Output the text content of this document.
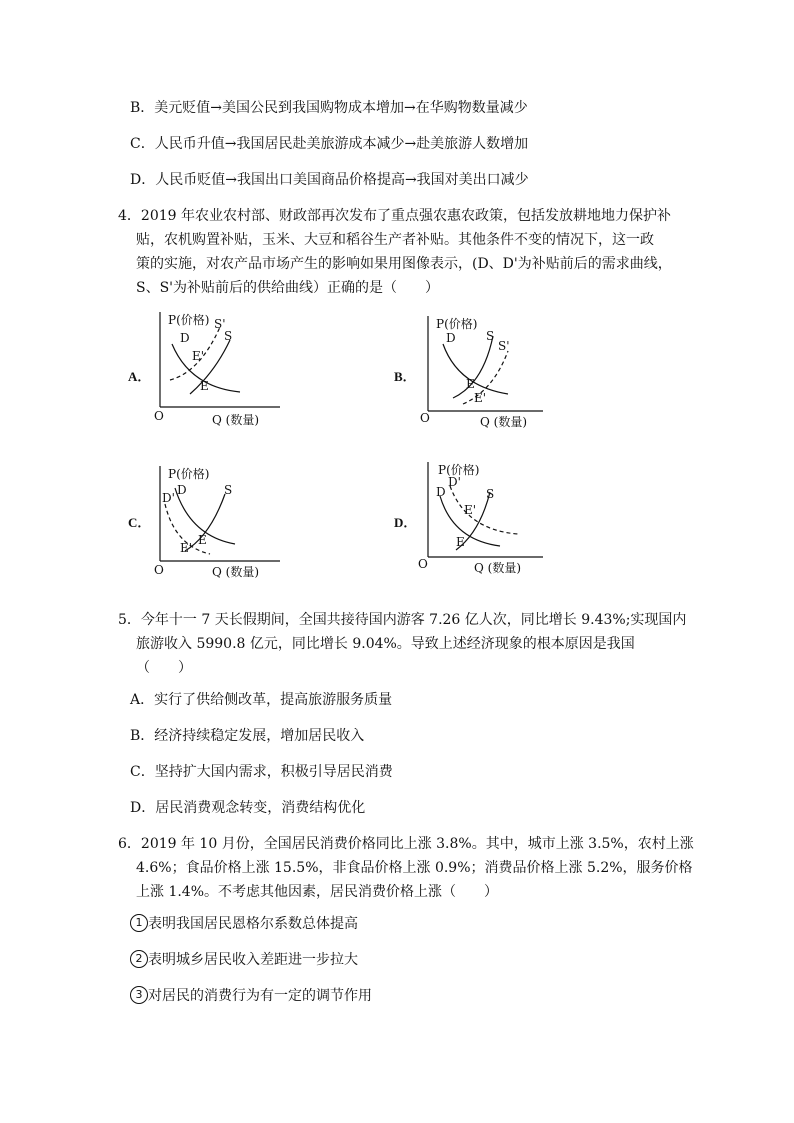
B．美元贬值→美国公民到我国购物成本增加→在华购物数量减少
C．人民币升值→我国居民赴美旅游成本减少→赴美旅游人数增加
D．人民币贬值→我国出口美国商品价格提高→我国对美出口减少
4．2019 年农业农村部、财政部再次发布了重点强农惠农政策，包括发放耕地地力保护补
贴，农机购置补贴，玉米、大豆和稻谷生产者补贴。其他条件不变的情况下，这一政
策的实施，对农产品市场产生的影响如果用图像表示，(D、D'为补贴前后的需求曲线，
S、S'为补贴前后的供给曲线）正确的是（　　）
A．
P(价格)
D
S'
S
E'
E
O	Q (数量)
B．
P(价格)
D	S
S'
E
E'
O	Q (数量)
C．
P(价格)
D
D'
S
E
E'
O	Q (数量)
D．
P(价格)
D
D'
S
E'
E
O	Q (数量)
5．今年十一 7 天长假期间，全国共接待国内游客 7.26 亿人次，同比增长 9.43%;实现国内
旅游收入 5990.8 亿元，同比增长 9.04%。导致上述经济现象的根本原因是我国
（　　）
A．实行了供给侧改革，提高旅游服务质量
B．经济持续稳定发展，增加居民收入
C．坚持扩大国内需求，积极引导居民消费
D．居民消费观念转变，消费结构优化
6．2019 年 10 月份，全国居民消费价格同比上涨 3.8%。其中，城市上涨 3.5%，农村上涨
4.6%；食品价格上涨 15.5%，非食品价格上涨 0.9%；消费品价格上涨 5.2%，服务价格
上涨 1.4%。不考虑其他因素，居民消费价格上涨（　　）
1 表明我国居民恩格尔系数总体提高
2 表明城乡居民收入差距进一步拉大
3 对居民的消费行为有一定的调节作用
